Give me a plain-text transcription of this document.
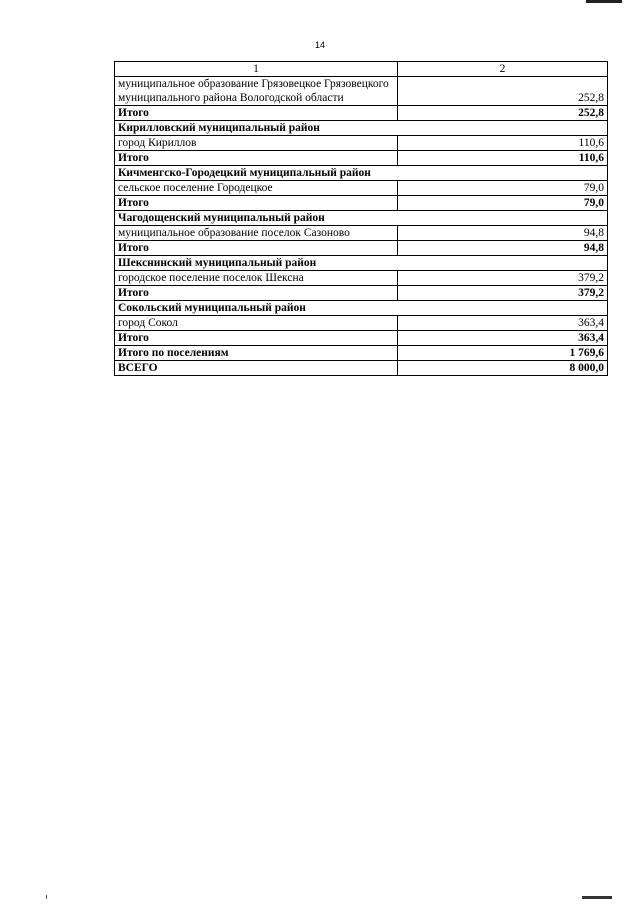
14
1	2
муниципальное образование Грязовецкое Грязовецкого муниципального района Вологодской области	252,8
Итого	252,8
Кирилловский муниципальный район	
город Кириллов	110,6
Итого	110,6
Кичменгско-Городецкий муниципальный район	
сельское поселение Городецкое	79,0
Итого	79,0
Чагодощенский муниципальный район	
муниципальное образование поселок Сазоново	94,8
Итого	94,8
Шекснинский муниципальный район	
городское поселение поселок Шексна	379,2
Итого	379,2
Сокольский муниципальный район	
город Сокол	363,4
Итого	363,4
Итого по поселениям	1 769,6
ВСЕГО	8 000,0
